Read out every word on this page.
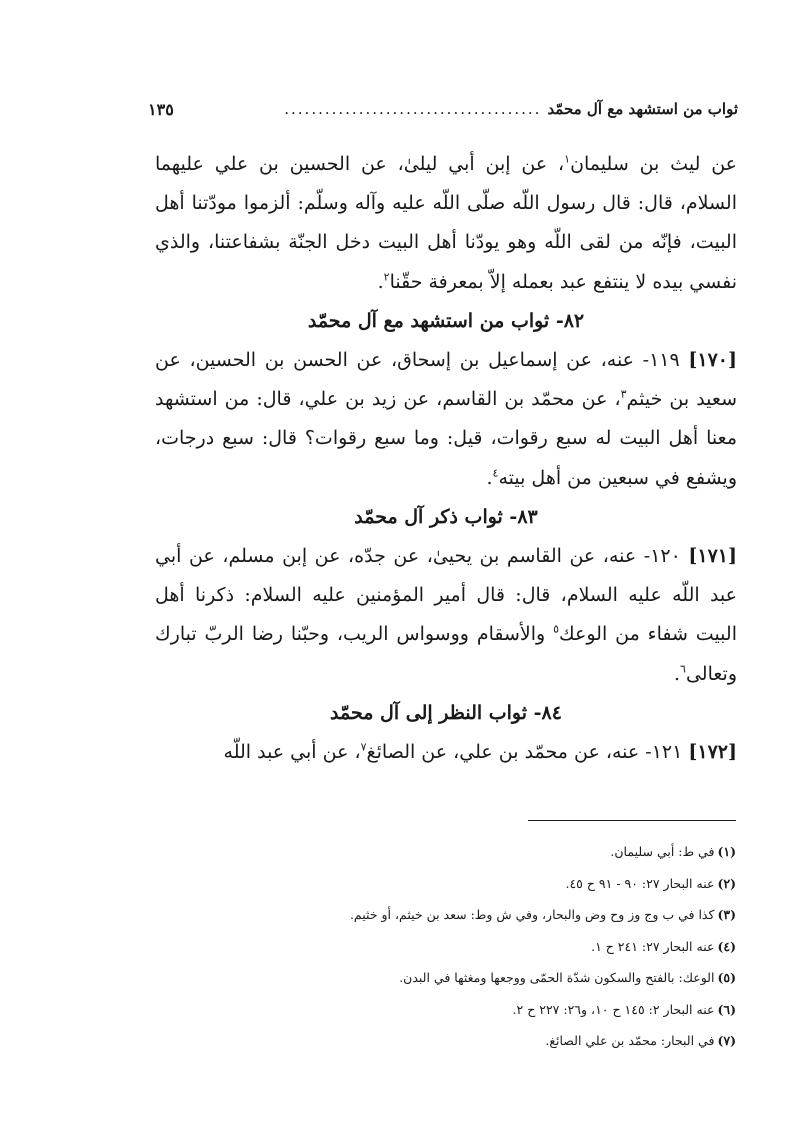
ثواب من استشهد مع آل محمّد
......................................
١٣٥

عن ليث بن سليمان$^١$، عن إبن أبي ليلىٰ، عن الحسين بن علي عليهما السلام، قال: قال رسول اللّه صلّى اللّه عليه وآله وسلّم: ألزموا مودّتنا أهل البيت، فإنّه من لقى اللّه وهو يودّنا أهل البيت دخل الجنّة بشفاعتنا، والذي نفسي بيده لا ينتفع عبد بعمله إلاّ بمعرفة حقّنا$^٢$.

٨٢- ثواب من استشهد مع آل محمّد

[١٧٠] ١١٩- عنه، عن إسماعيل بن إسحاق، عن الحسن بن الحسين، عن سعيد بن خيثم$^٣$، عن محمّد بن القاسم، عن زيد بن علي، قال: من استشهد معنا أهل البيت له سبع رقوات، قيل: وما سبع رقوات؟ قال: سبع درجات، ويشفع في سبعين من أهل بيته$^٤$.

٨٣- ثواب ذكر آل محمّد

[١٧١] ١٢٠- عنه، عن القاسم بن يحيىٰ، عن جدّه، عن إبن مسلم، عن أبي عبد اللّه عليه السلام، قال: قال أمير المؤمنين عليه السلام: ذكرنا أهل البيت شفاء من الوعك$^٥$ والأسقام ووسواس الريب، وحبّنا رضا الربّ تبارك وتعالى$^٦$.

٨٤- ثواب النظر إلى آل محمّد

[١٧٢] ١٢١- عنه، عن محمّد بن علي، عن الصائغ$^٧$، عن أبي عبد اللّه

(١)في ط: أبي سليمان.
(٢)عنه البحار ٢٧: ٩٠ - ٩١ ح ٤٥.
(٣)كذا في ب وج وز وح وض والبحار، وفي ش وط: سعد بن خيثم، أو خثيم.
(٤)عنه البحار ٢٧: ٢٤١ ح ١.
(٥)الوعك: بالفتح والسكون شدّة الحمّى ووجعها ومغثها في البدن.
(٦)عنه البحار ٢: ١٤٥ ح ١٠، و٢٦: ٢٢٧ ح ٢.
(٧)في البحار: محمّد بن علي الصائغ.
